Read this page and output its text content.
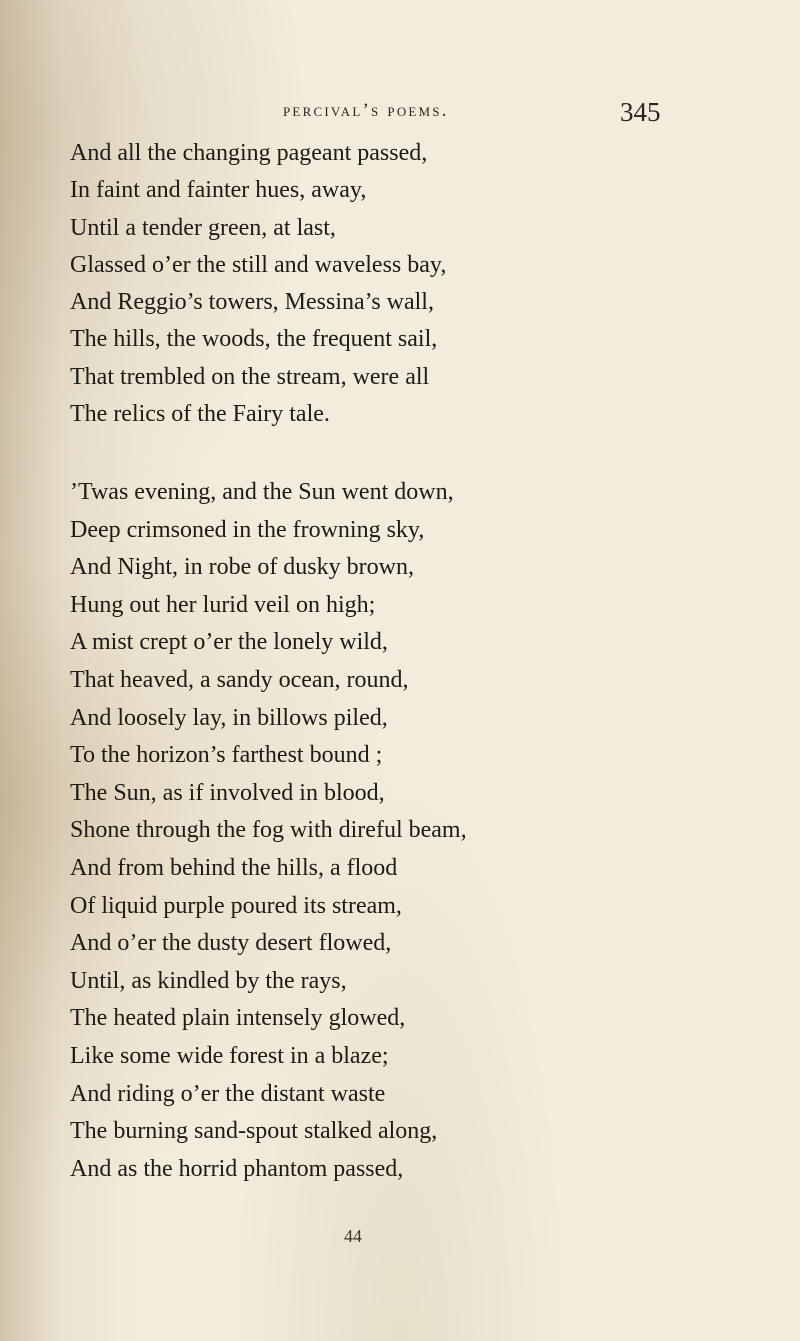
percival’s poems.	345
And all the changing pageant passed,
In faint and fainter hues, away,
Until a tender green, at last,
Glassed o’er the still and waveless bay,
And Reggio’s towers, Messina’s wall,
The hills, the woods, the frequent sail,
That trembled on the stream, were all
The relics of the Fairy tale.
’Twas evening, and the Sun went down,
Deep crimsoned in the frowning sky,
And Night, in robe of dusky brown,
Hung out her lurid veil on high;
A mist crept o’er the lonely wild,
That heaved, a sandy ocean, round,
And loosely lay, in billows piled,
To the horizon’s farthest bound ;
The Sun, as if involved in blood,
Shone through the fog with direful beam,
And from behind the hills, a flood
Of liquid purple poured its stream,
And o’er the dusty desert flowed,
Until, as kindled by the rays,
The heated plain intensely glowed,
Like some wide forest in a blaze;
And riding o’er the distant waste
The burning sand-spout stalked along,
And as the horrid phantom passed,
44
